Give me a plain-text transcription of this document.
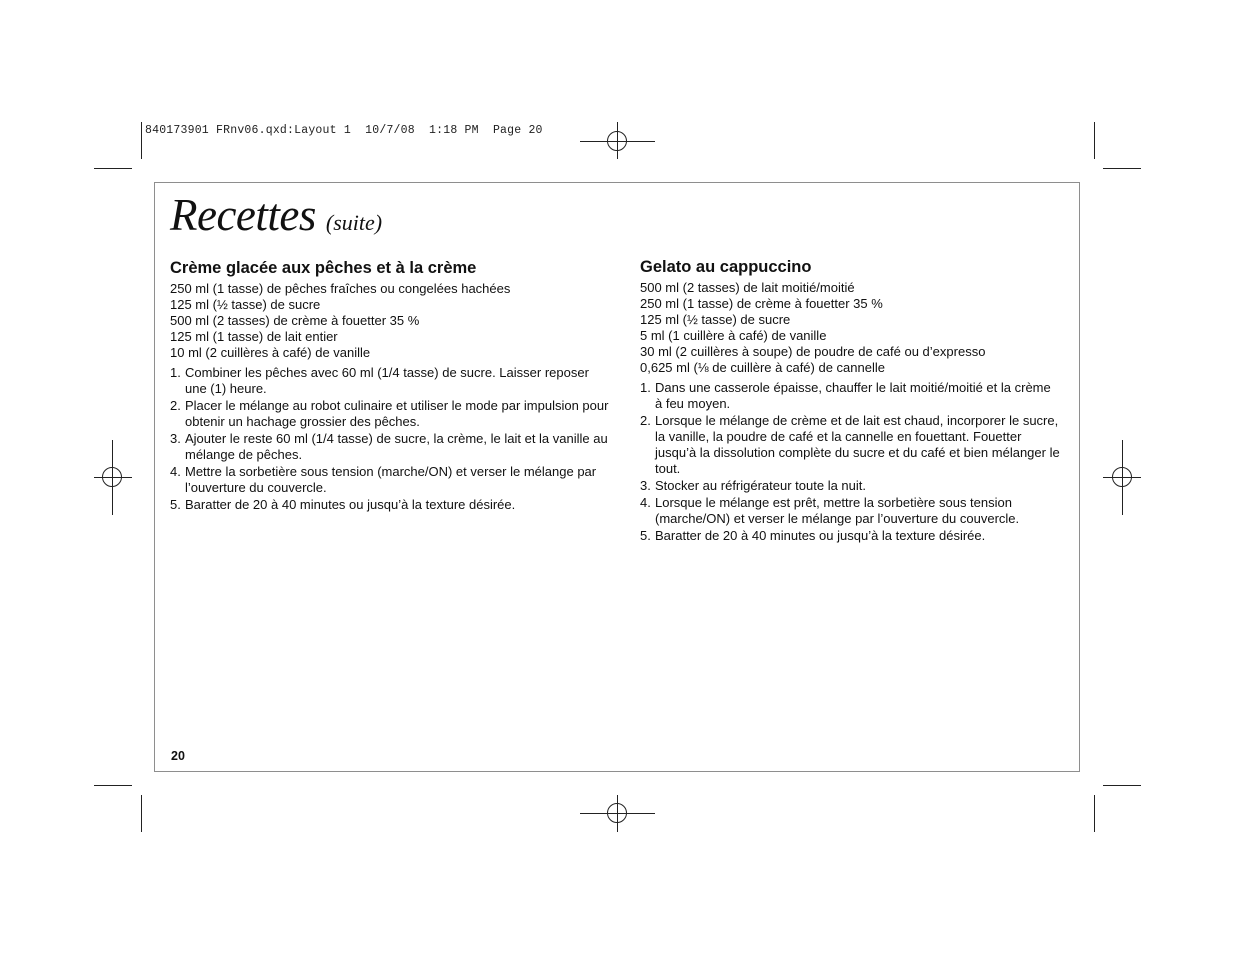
840173901 FRnv06.qxd:Layout 1  10/7/08  1:18 PM  Page 20
Recettes (suite)
Crème glacée aux pêches et à la crème
250 ml (1 tasse) de pêches fraîches ou congelées hachées
125 ml (½ tasse) de sucre
500 ml (2 tasses) de crème à fouetter 35 %
125 ml (1 tasse) de lait entier
10 ml (2 cuillères à café) de vanille
1. Combiner les pêches avec 60 ml (1/4 tasse) de sucre. Laisser reposer une (1) heure.
2. Placer le mélange au robot culinaire et utiliser le mode par impulsion pour obtenir un hachage grossier des pêches.
3. Ajouter le reste 60 ml (1/4 tasse) de sucre, la crème, le lait et la vanille au mélange de pêches.
4. Mettre la sorbetière sous tension (marche/ON) et verser le mélange par l’ouverture du couvercle.
5. Baratter de 20 à 40 minutes ou jusqu’à la texture désirée.
Gelato au cappuccino
500 ml (2 tasses) de lait moitié/moitié
250 ml (1 tasse) de crème à fouetter 35 %
125 ml (½ tasse) de sucre
5 ml (1 cuillère à café) de vanille
30 ml (2 cuillères à soupe) de poudre de café ou d’expresso
0,625 ml (⅛ de cuillère à café) de cannelle
1. Dans une casserole épaisse, chauffer le lait moitié/moitié et la crème à feu moyen.
2. Lorsque le mélange de crème et de lait est chaud, incorporer le sucre, la vanille, la poudre de café et la cannelle en fouettant. Fouetter jusqu’à la dissolution complète du sucre et du café et bien mélanger le tout.
3. Stocker au réfrigérateur toute la nuit.
4. Lorsque le mélange est prêt, mettre la sorbetière sous tension (marche/ON) et verser le mélange par l’ouverture du couvercle.
5. Baratter de 20 à 40 minutes ou jusqu’à la texture désirée.
20
